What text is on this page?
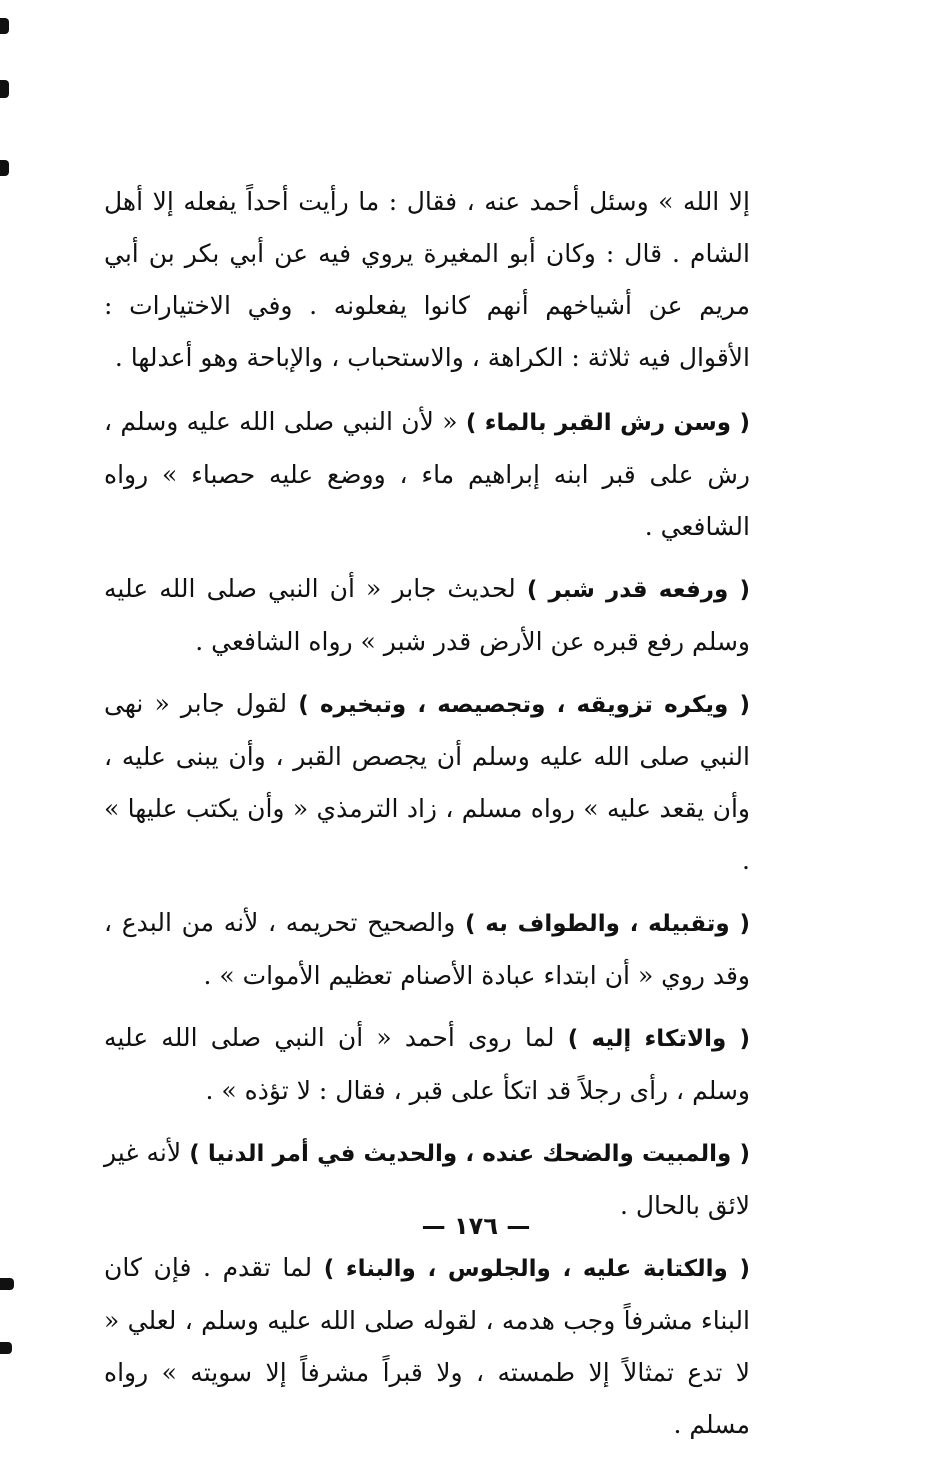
إلا الله » وسئل أحمد عنه ، فقال : ما رأيت أحداً يفعله إلا أهل الشام . قال : وكان أبو المغيرة يروي فيه عن أبي بكر بن أبي مريم عن أشياخهم أنهم كانوا يفعلونه . وفي الاختيارات : الأقوال فيه ثلاثة : الكراهة ، والاستحباب ، والإباحة وهو أعدلها .

( وسن رش القبر بالماء ) « لأن النبي صلى الله عليه وسلم ، رش على قبر ابنه إبراهيم ماء ، ووضع عليه حصباء » رواه الشافعي .

( ورفعه قدر شبر ) لحديث جابر « أن النبي صلى الله عليه وسلم رفع قبره عن الأرض قدر شبر » رواه الشافعي .

( ويكره تزويقه ، وتجصيصه ، وتبخيره ) لقول جابر « نهى النبي صلى الله عليه وسلم أن يجصص القبر ، وأن يبنى عليه ، وأن يقعد عليه » رواه مسلم ، زاد الترمذي « وأن يكتب عليها » .

( وتقبيله ، والطواف به ) والصحيح تحريمه ، لأنه من البدع ، وقد روي « أن ابتداء عبادة الأصنام تعظيم الأموات » .

( والاتكاء إليه ) لما روى أحمد « أن النبي صلى الله عليه وسلم ، رأى رجلاً قد اتكأ على قبر ، فقال : لا تؤذه » .

( والمبيت والضحك عنده ، والحديث في أمر الدنيا ) لأنه غير لائق بالحال .

( والكتابة عليه ، والجلوس ، والبناء ) لما تقدم . فإن كان البناء مشرفاً وجب هدمه ، لقوله صلى الله عليه وسلم ، لعلي « لا تدع تمثالاً إلا طمسته ، ولا قبراً مشرفاً إلا سويته » رواه مسلم .

— ١٧٦ —
